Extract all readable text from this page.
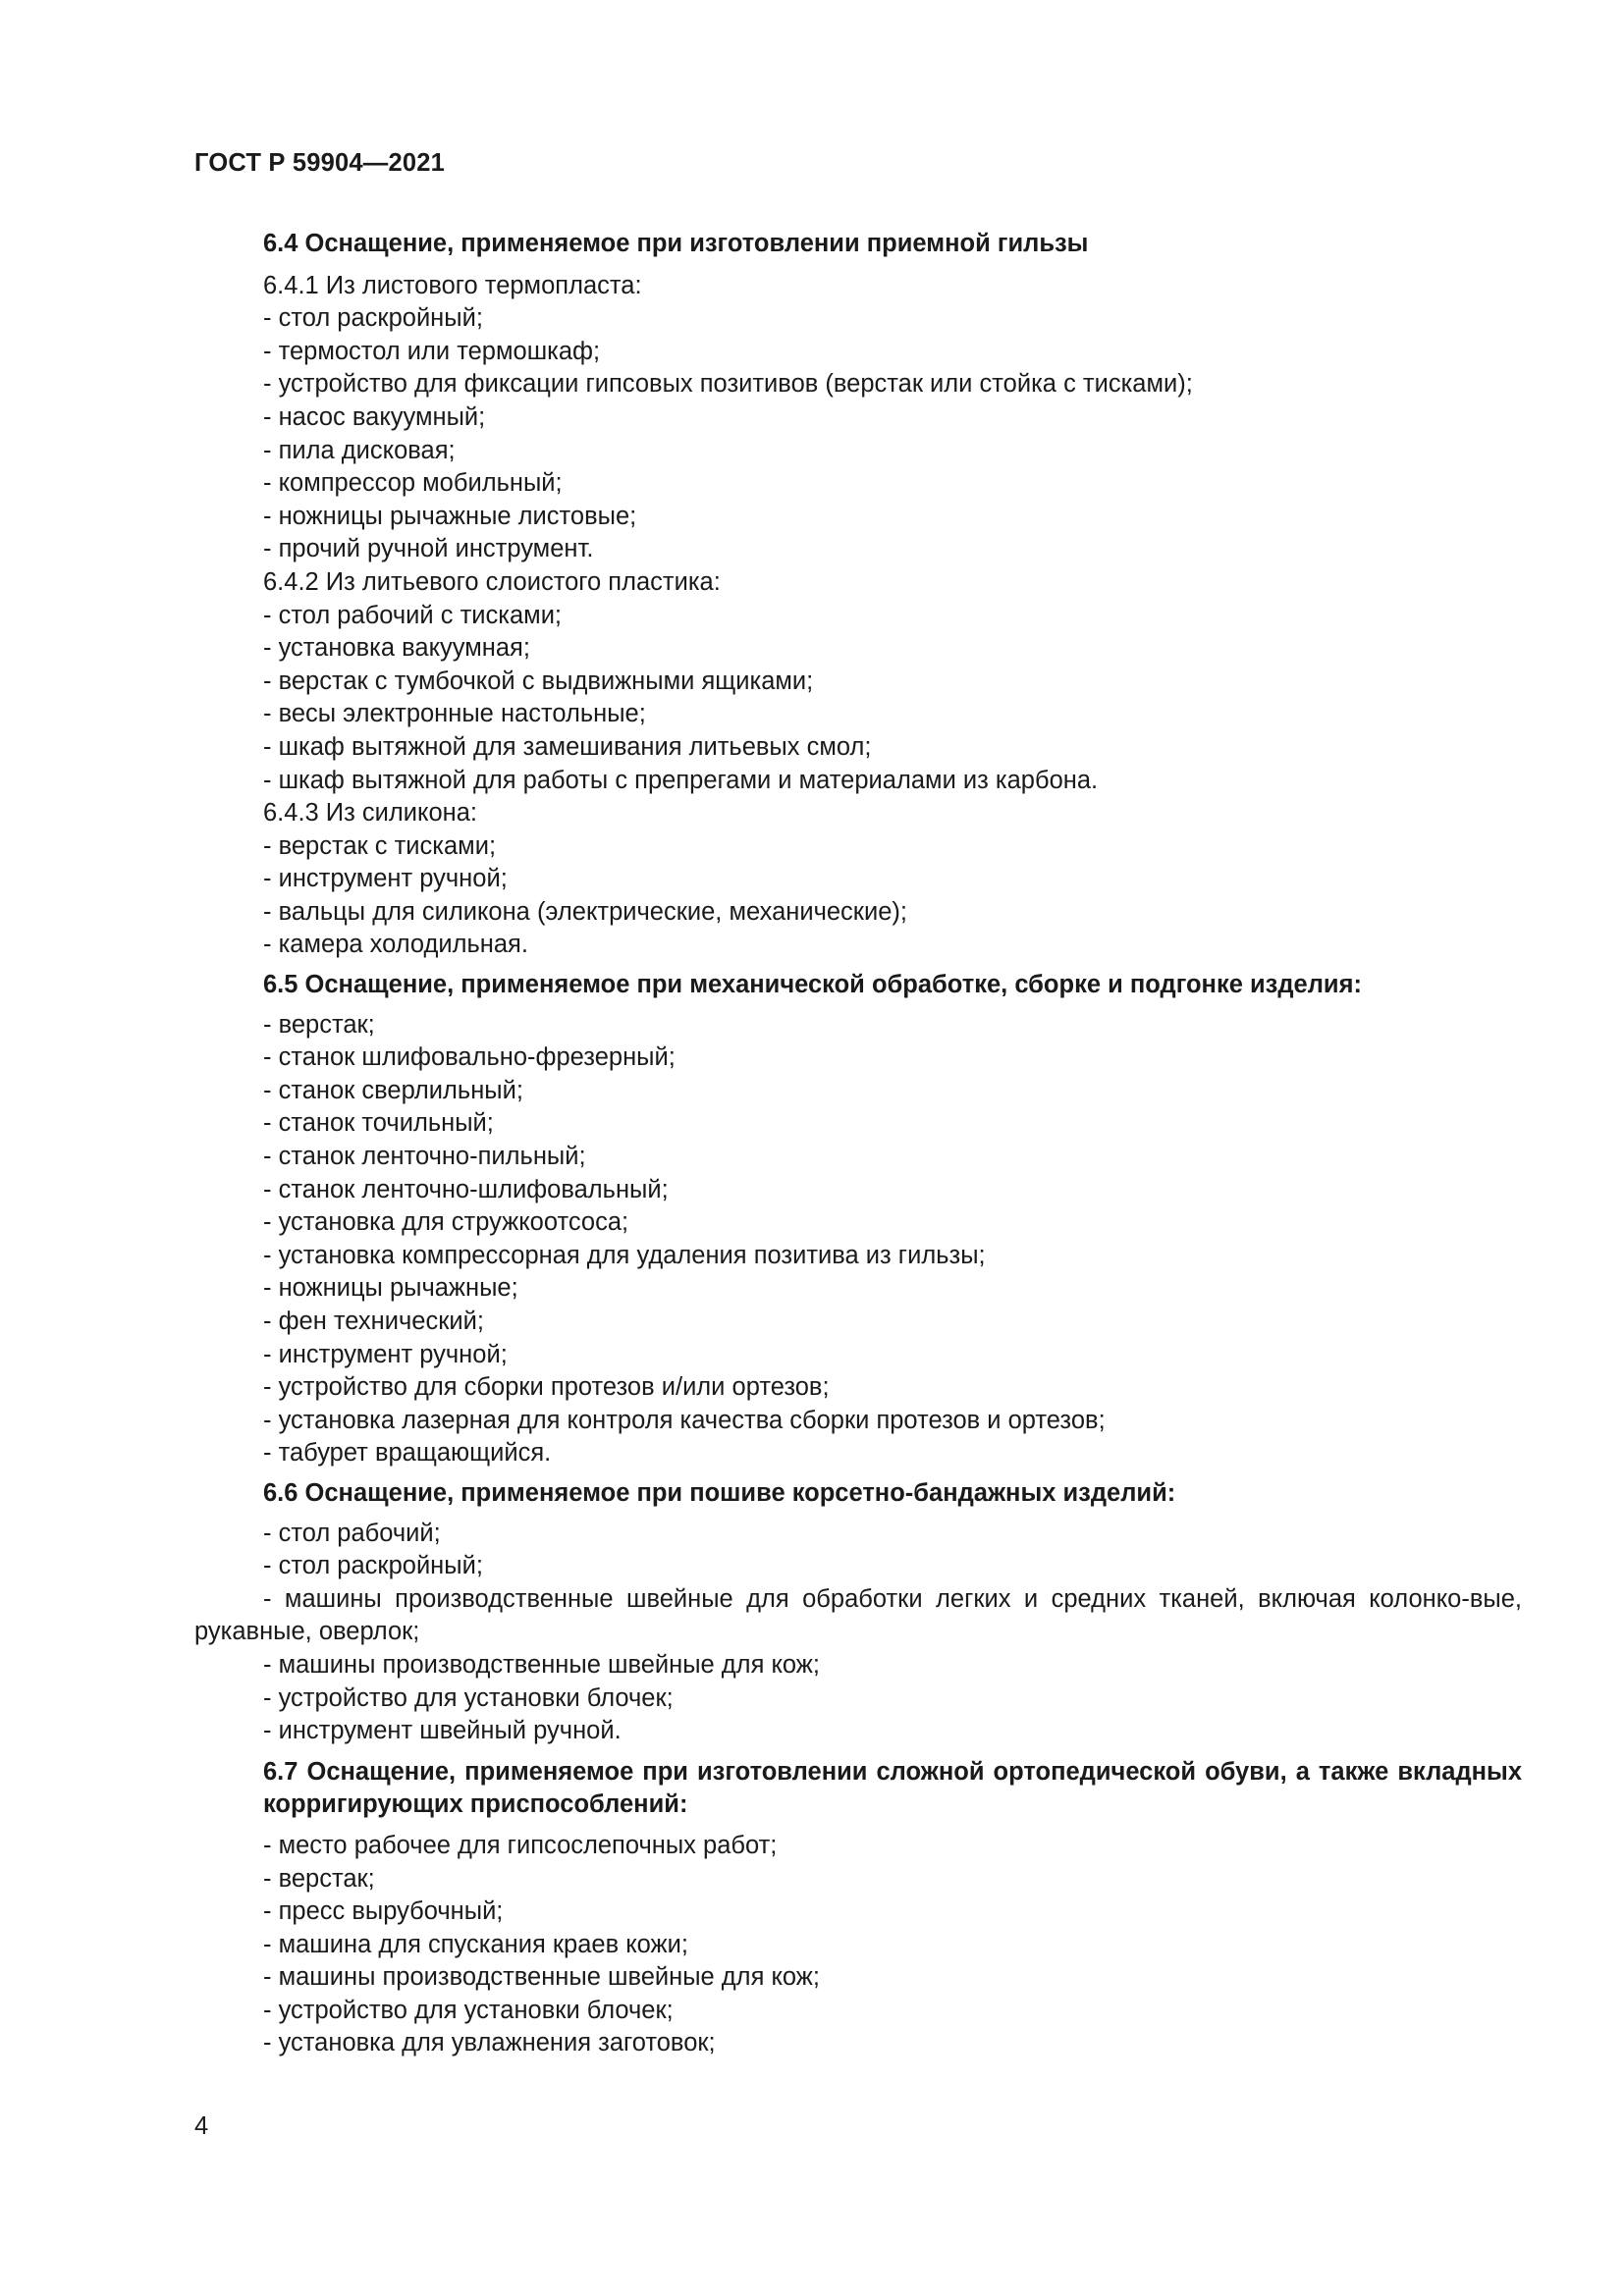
ГОСТ Р 59904—2021
6.4 Оснащение, применяемое при изготовлении приемной гильзы
6.4.1 Из листового термопласта:
- стол раскройный;
- термостол или термошкаф;
- устройство для фиксации гипсовых позитивов (верстак или стойка с тисками);
- насос вакуумный;
- пила дисковая;
- компрессор мобильный;
- ножницы рычажные листовые;
- прочий ручной инструмент.
6.4.2 Из литьевого слоистого пластика:
- стол рабочий с тисками;
- установка вакуумная;
- верстак с тумбочкой с выдвижными ящиками;
- весы электронные настольные;
- шкаф вытяжной для замешивания литьевых смол;
- шкаф вытяжной для работы с препрегами и материалами из карбона.
6.4.3 Из силикона:
- верстак с тисками;
- инструмент ручной;
- вальцы для силикона (электрические, механические);
- камера холодильная.
6.5 Оснащение, применяемое при механической обработке, сборке и подгонке изделия:
- верстак;
- станок шлифовально-фрезерный;
- станок сверлильный;
- станок точильный;
- станок ленточно-пильный;
- станок ленточно-шлифовальный;
- установка для стружкоотсоса;
- установка компрессорная для удаления позитива из гильзы;
- ножницы рычажные;
- фен технический;
- инструмент ручной;
- устройство для сборки протезов и/или ортезов;
- установка лазерная для контроля качества сборки протезов и ортезов;
- табурет вращающийся.
6.6 Оснащение, применяемое при пошиве корсетно-бандажных изделий:
- стол рабочий;
- стол раскройный;
- машины производственные швейные для обработки легких и средних тканей, включая колонко-вые, рукавные, оверлок;
- машины производственные швейные для кож;
- устройство для установки блочек;
- инструмент швейный ручной.
6.7 Оснащение, применяемое при изготовлении сложной ортопедической обуви, а также вкладных корригирующих приспособлений:
- место рабочее для гипсослепочных работ;
- верстак;
- пресс вырубочный;
- машина для спускания краев кожи;
- машины производственные швейные для кож;
- устройство для установки блочек;
- установка для увлажнения заготовок;
4
